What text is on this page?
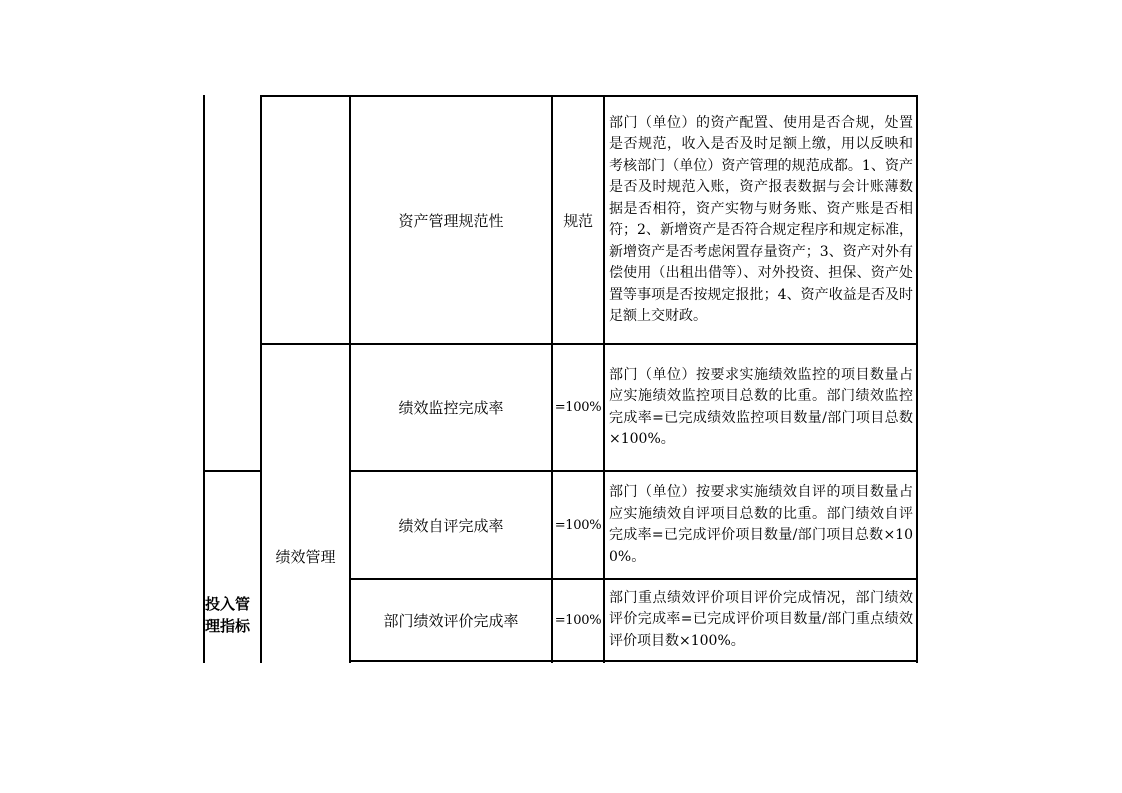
投入管理指标
绩效管理
资产管理规范性	规范
部门（单位）的资产配置、使用是否合规，处置是否规范，收入是否及时足额上缴，用以反映和考核部门（单位）资产管理的规范成都。1、资产是否及时规范入账，资产报表数据与会计账薄数据是否相符，资产实物与财务账、资产账是否相符；2、新增资产是否符合规定程序和规定标准，新增资产是否考虑闲置存量资产；3、资产对外有偿使用（出租出借等）、对外投资、担保、资产处置等事项是否按规定报批；4、资产收益是否及时足额上交财政。
绩效监控完成率	=100%
部门（单位）按要求实施绩效监控的项目数量占应实施绩效监控项目总数的比重。部门绩效监控完成率=已完成绩效监控项目数量/部门项目总数×100%。
绩效自评完成率	=100%
部门（单位）按要求实施绩效自评的项目数量占应实施绩效自评项目总数的比重。部门绩效自评完成率=已完成评价项目数量/部门项目总数×100%。
部门绩效评价完成率	=100%
部门重点绩效评价项目评价完成情况，部门绩效评价完成率=已完成评价项目数量/部门重点绩效评价项目数×100%。
